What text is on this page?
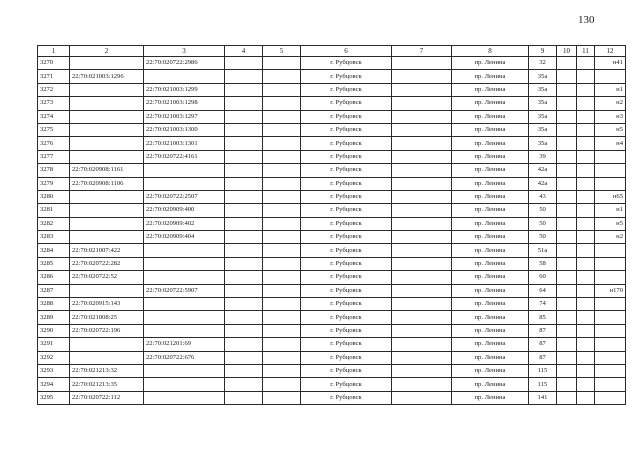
130
1	2	3	4	5	6	7	8	9	10	11	12
3270		22:70:020722:2986			г. Рубцовск		пр. Ленина	32			н41
3271	22:70:021003:1296				г. Рубцовск		пр. Ленина	35а			
3272		22:70:021003:1299			г. Рубцовск		пр. Ленина	35а			н1
3273		22:70:021003:1298			г. Рубцовск		пр. Ленина	35а			н2
3274		22:70:021003:1297			г. Рубцовск		пр. Ленина	35а			н3
3275		22:70:021003:1300			г. Рубцовск		пр. Ленина	35а			н5
3276		22:70:021003:1301			г. Рубцовск		пр. Ленина	35а			н4
3277		22:70:020722:4161			г. Рубцовск		пр. Ленина	39			
3278	22:70:020908:1161				г. Рубцовск		пр. Ленина	42а			
3279	22:70:020908:1106				г. Рубцовск		пр. Ленина	42а			
3280		22:70:020722:2507			г. Рубцовск		пр. Ленина	43			н65
3281		22:70:020909:400			г. Рубцовск		пр. Ленина	50			н1
3282		22:70:020909:402			г. Рубцовск		пр. Ленина	50			н5
3283		22:70:020909:404			г. Рубцовск		пр. Ленина	50			н2
3284	22:70:021007:422				г. Рубцовск		пр. Ленина	51а			
3285	22:70:020722:282				г. Рубцовск		пр. Ленина	58			
3286	22:70:020722:52				г. Рубцовск		пр. Ленина	60			
3287		22:70:020722:5907			г. Рубцовск		пр. Ленина	64			н170
3288	22:70:020915:143				г. Рубцовск		пр. Ленина	74			
3289	22:70:021008:25				г. Рубцовск		пр. Ленина	85			
3290	22:70:020722:196				г. Рубцовск		пр. Ленина	87			
3291		22:70:021201:69			г. Рубцовск		пр. Ленина	87			
3292		22:70:020722:676			г. Рубцовск		пр. Ленина	87			
3293	22:70:021213:32				г. Рубцовск		пр. Ленина	115			
3294	22:70:021213:35				г. Рубцовск		пр. Ленина	115			
3295	22:70:020722:112				г. Рубцовск		пр. Ленина	141			
